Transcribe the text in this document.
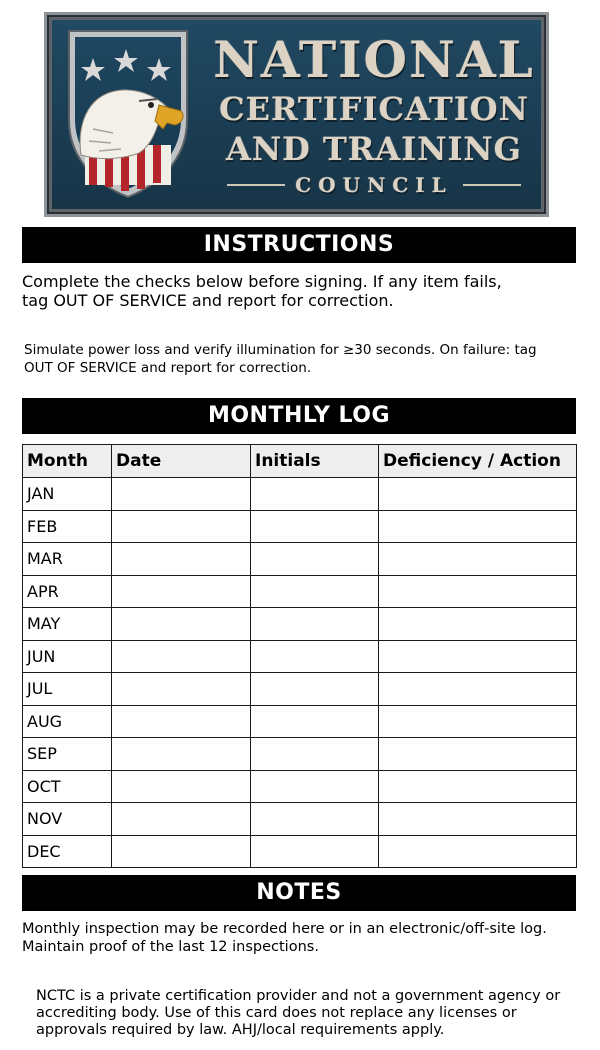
NATIONAL
CERTIFICATION
AND TRAINING
COUNCIL
INSTRUCTIONS
Complete the checks below before signing. If any item fails,
tag OUT OF SERVICE and report for correction.
Simulate power loss and verify illumination for ≥30 seconds. On failure: tag
OUT OF SERVICE and report for correction.
MONTHLY LOG
Month	Date	Initials	Deficiency / Action
JAN			
FEB			
MAR			
APR			
MAY			
JUN			
JUL			
AUG			
SEP			
OCT			
NOV			
DEC			
NOTES
Monthly inspection may be recorded here or in an electronic/off-site log.
Maintain proof of the last 12 inspections.
NCTC is a private certification provider and not a government agency or
accrediting body. Use of this card does not replace any licenses or
approvals required by law. AHJ/local requirements apply.
